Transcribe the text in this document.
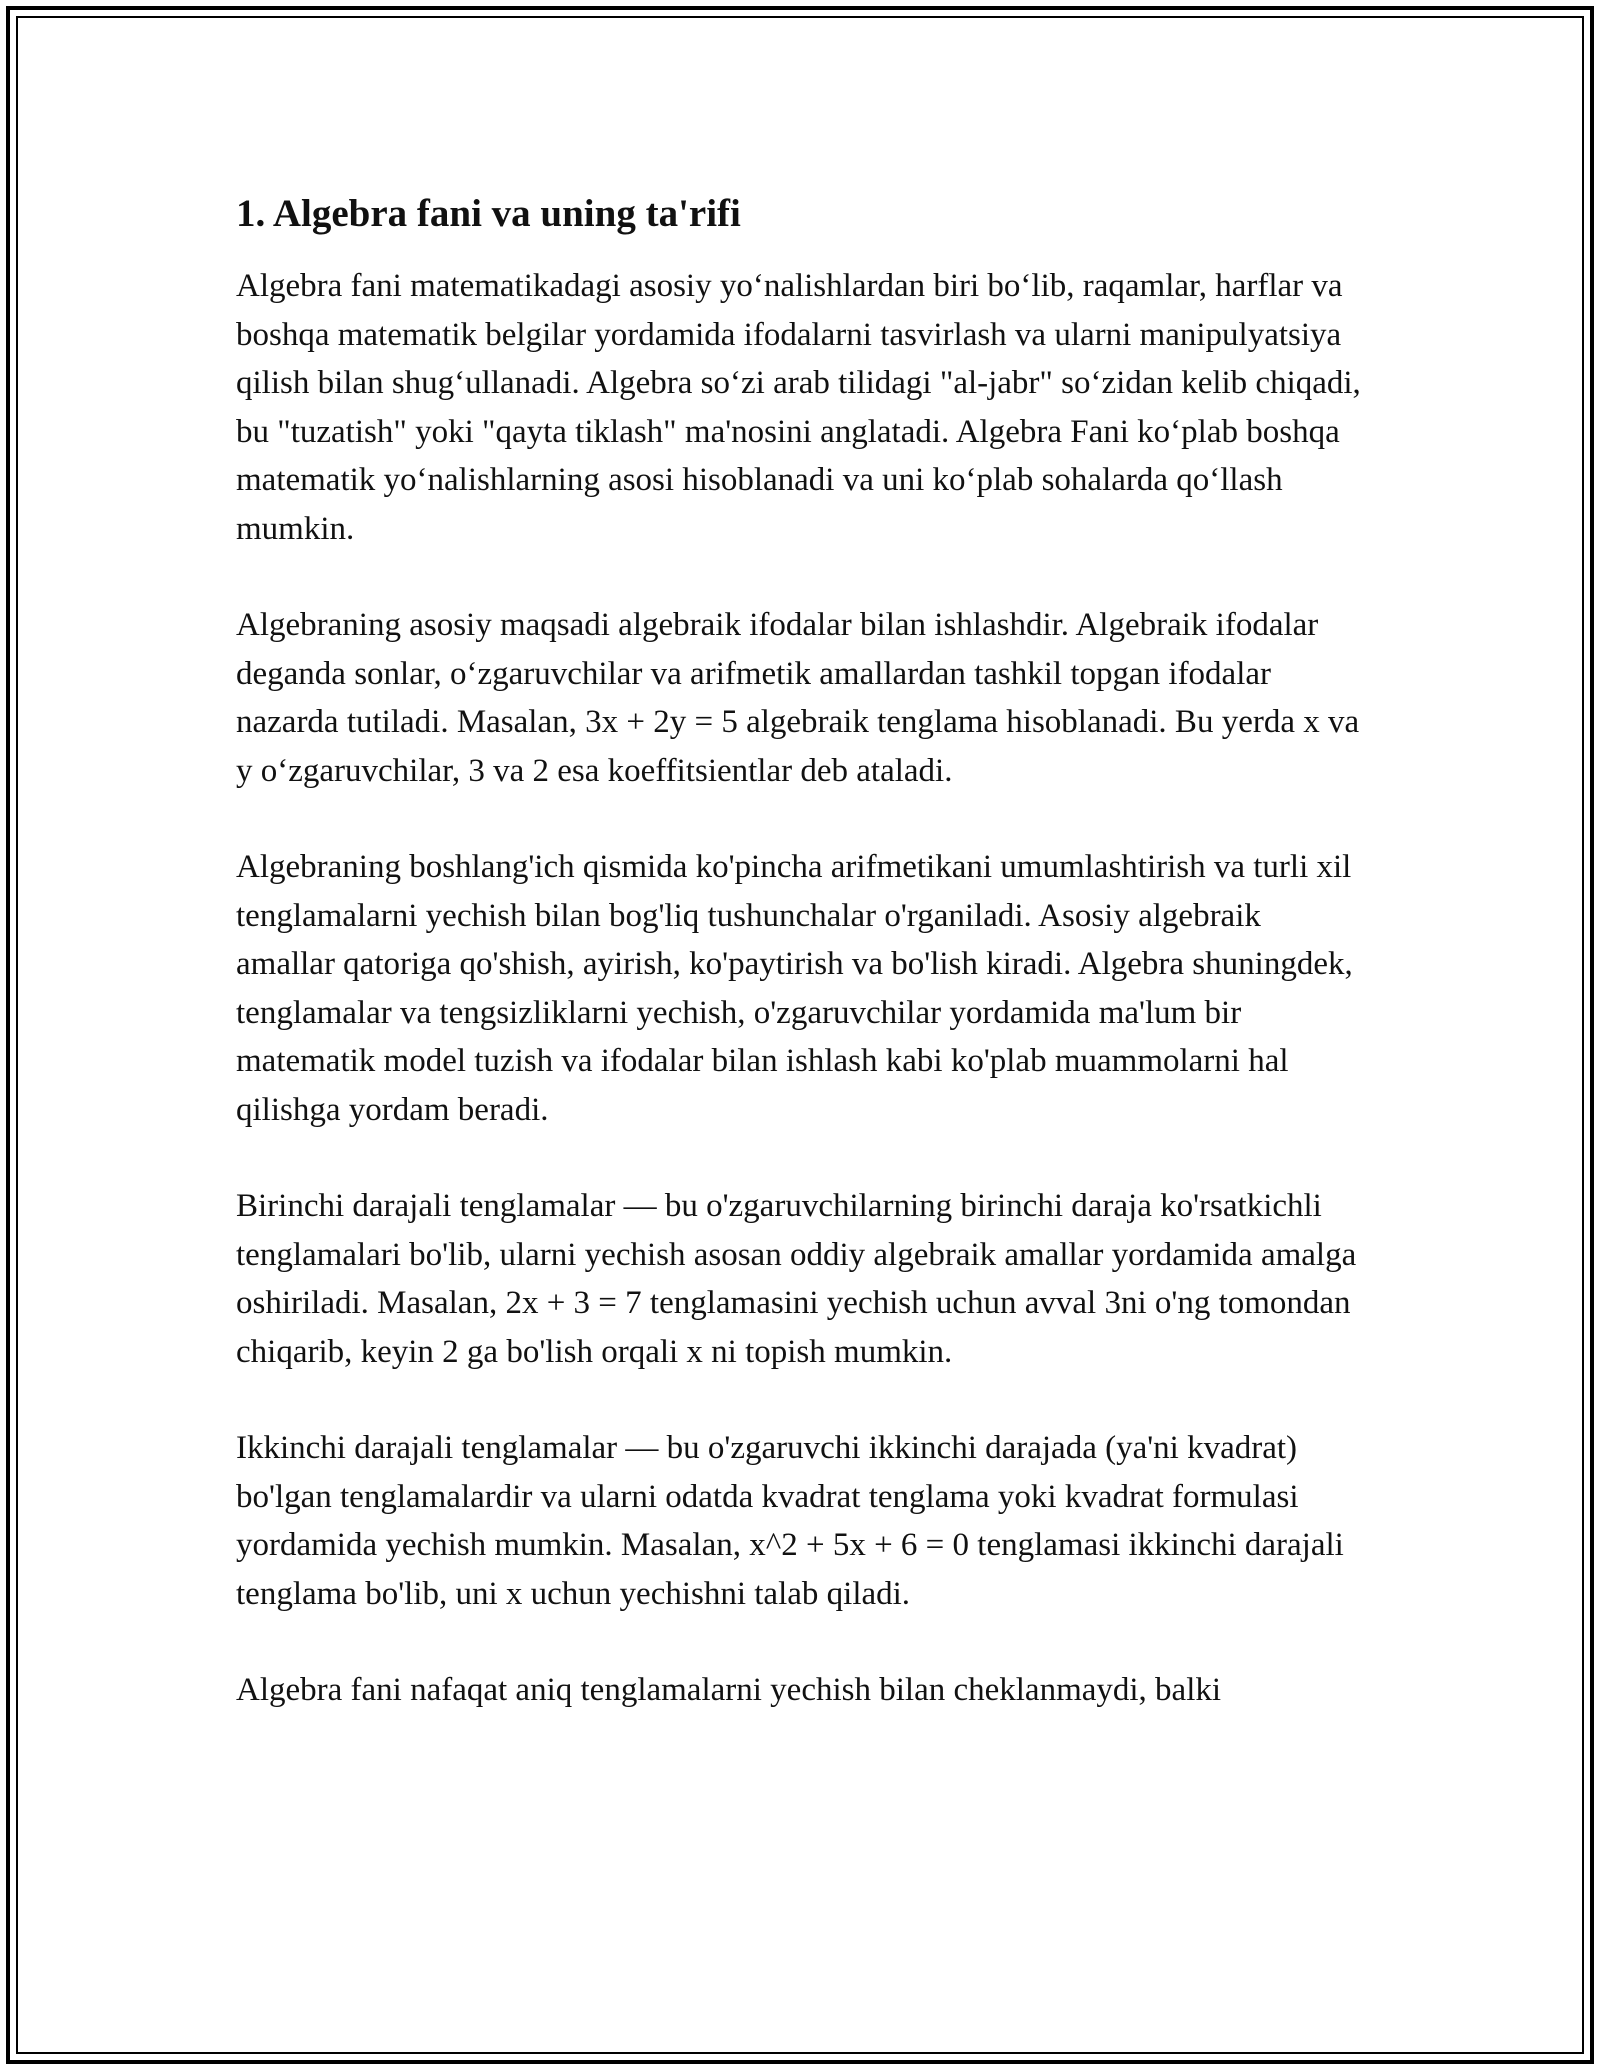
1. Algebra fani va uning ta'rifi

Algebra fani matematikadagi asosiy yo‘nalishlardan biri bo‘lib, raqamlar, harflar va boshqa matematik belgilar yordamida ifodalarni tasvirlash va ularni manipulyatsiya qilish bilan shug‘ullanadi. Algebra so‘zi arab tilidagi "al-jabr" so‘zidan kelib chiqadi, bu "tuzatish" yoki "qayta tiklash" ma'nosini anglatadi. Algebra Fani ko‘plab boshqa matematik yo‘nalishlarning asosi hisoblanadi va uni ko‘plab sohalarda qo‘llash mumkin.

Algebraning asosiy maqsadi algebraik ifodalar bilan ishlashdir. Algebraik ifodalar deganda sonlar, o‘zgaruvchilar va arifmetik amallardan tashkil topgan ifodalar nazarda tutiladi. Masalan, 3x + 2y = 5 algebraik tenglama hisoblanadi. Bu yerda x va y o‘zgaruvchilar, 3 va 2 esa koeffitsientlar deb ataladi.

Algebraning boshlang'ich qismida ko'pincha arifmetikani umumlashtirish va turli xil tenglamalarni yechish bilan bog'liq tushunchalar o'rganiladi. Asosiy algebraik amallar qatoriga qo'shish, ayirish, ko'paytirish va bo'lish kiradi. Algebra shuningdek, tenglamalar va tengsizliklarni yechish, o'zgaruvchilar yordamida ma'lum bir matematik model tuzish va ifodalar bilan ishlash kabi ko'plab muammolarni hal qilishga yordam beradi.

Birinchi darajali tenglamalar — bu o'zgaruvchilarning birinchi daraja ko'rsatkichli tenglamalari bo'lib, ularni yechish asosan oddiy algebraik amallar yordamida amalga oshiriladi. Masalan, 2x + 3 = 7 tenglamasini yechish uchun avval 3ni o'ng tomondan chiqarib, keyin 2 ga bo'lish orqali x ni topish mumkin.

Ikkinchi darajali tenglamalar — bu o'zgaruvchi ikkinchi darajada (ya'ni kvadrat) bo'lgan tenglamalardir va ularni odatda kvadrat tenglama yoki kvadrat formulasi yordamida yechish mumkin. Masalan, x^2 + 5x + 6 = 0 tenglamasi ikkinchi darajali tenglama bo'lib, uni x uchun yechishni talab qiladi.

Algebra fani nafaqat aniq tenglamalarni yechish bilan cheklanmaydi, balki
